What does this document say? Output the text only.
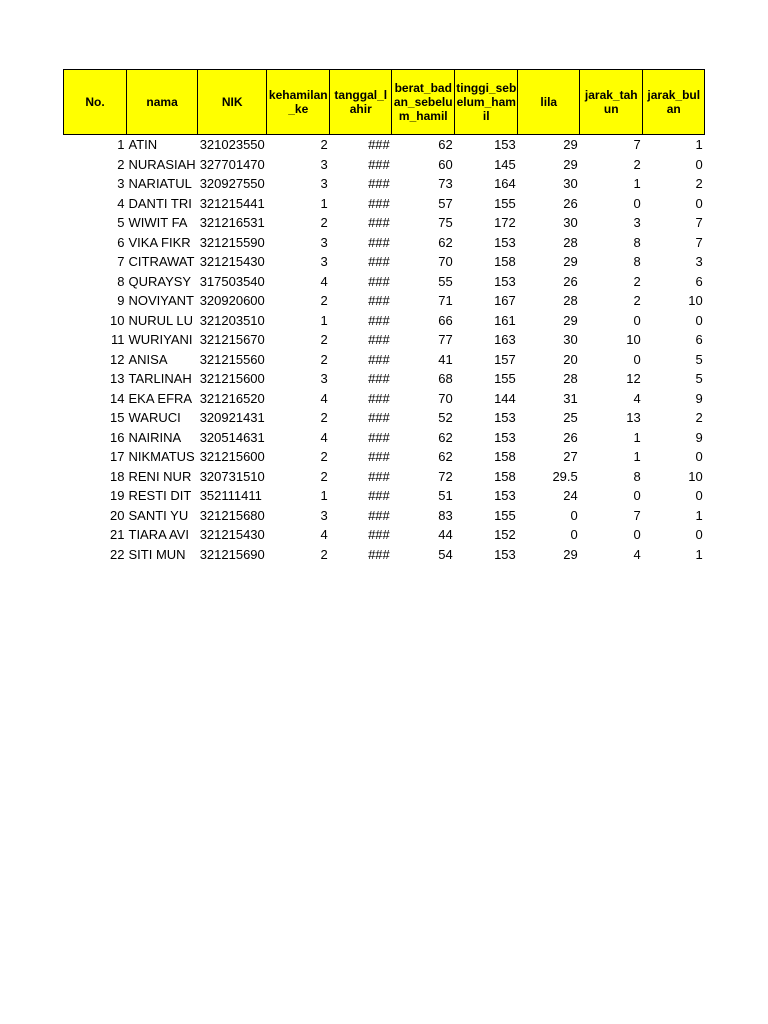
No.	nama	NIK	kehamilan_ke	tanggal_lahir	berat_badan_sebelum_hamil	tinggi_sebelum_hamil	lila	jarak_tahun	jarak_bulan
1	ATIN	321023550	2	###	62	153	29	7	1
2	NURASIAH	327701470	3	###	60	145	29	2	0
3	NARIATUL	320927550	3	###	73	164	30	1	2
4	DANTI TRI	321215441	1	###	57	155	26	0	0
5	WIWIT FA	321216531	2	###	75	172	30	3	7
6	VIKA FIKR	321215590	3	###	62	153	28	8	7
7	CITRAWAT	321215430	3	###	70	158	29	8	3
8	QURAYSY	317503540	4	###	55	153	26	2	6
9	NOVIYANT	320920600	2	###	71	167	28	2	10
10	NURUL LU	321203510	1	###	66	161	29	0	0
11	WURIYANI	321215670	2	###	77	163	30	10	6
12	ANISA	321215560	2	###	41	157	20	0	5
13	TARLINAH	321215600	3	###	68	155	28	12	5
14	EKA EFRA	321216520	4	###	70	144	31	4	9
15	WARUCI	320921431	2	###	52	153	25	13	2
16	NAIRINA	320514631	4	###	62	153	26	1	9
17	NIKMATUS	321215600	2	###	62	158	27	1	0
18	RENI NUR	320731510	2	###	72	158	29.5	8	10
19	RESTI DIT	352111411	1	###	51	153	24	0	0
20	SANTI YU	321215680	3	###	83	155	0	7	1
21	TIARA AVI	321215430	4	###	44	152	0	0	0
22	SITI MUN	321215690	2	###	54	153	29	4	1
